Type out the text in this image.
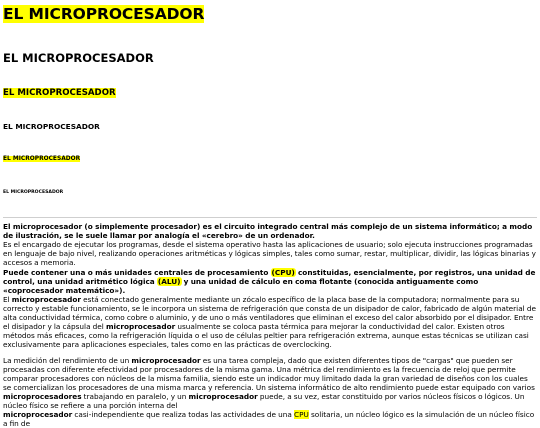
EL MICROPROCESADOR
EL MICROPROCESADOR
EL MICROPROCESADOR
EL MICROPROCESADOR
EL MICROPROCESADOR
EL MICROPROCESADOR

El microprocesador (o simplemente procesador) es el circuito integrado central más complejo de un sistema informático; a modo de ilustración, se le suele llamar por analogía el «cerebro» de un ordenador.
Es el encargado de ejecutar los programas, desde el sistema operativo hasta las aplicaciones de usuario; solo ejecuta instrucciones programadas en lenguaje de bajo nivel, realizando operaciones aritméticas y lógicas simples, tales como sumar, restar, multiplicar, dividir, las lógicas binarias y accesos a memoria.

Puede contener una o más unidades centrales de procesamiento (CPU) constituidas, esencialmente, por registros, una unidad de control, una unidad aritmético lógica (ALU) y una unidad de cálculo en coma flotante (conocida antiguamente como «coprocesador matemático»).
El microprocesador está conectado generalmente mediante un zócalo específico de la placa base de la computadora; normalmente para su correcto y estable funcionamiento, se le incorpora un sistema de refrigeración que consta de un disipador de calor, fabricado de algún material de alta conductividad térmica, como cobre o aluminio, y de uno o más ventiladores que eliminan el exceso del calor absorbido por el disipador. Entre el disipador y la cápsula del microprocesador usualmente se coloca pasta térmica para mejorar la conductividad del calor. Existen otros métodos más eficaces, como la refrigeración líquida o el uso de células peltier para refrigeración extrema, aunque estas técnicas se utilizan casi exclusivamente para aplicaciones especiales, tales como en las prácticas de overclocking.

La medición del rendimiento de un microprocesador es una tarea compleja, dado que existen diferentes tipos de "cargas" que pueden ser procesadas con diferente efectividad por procesadores de la misma gama. Una métrica del rendimiento es la frecuencia de reloj que permite comparar procesadores con núcleos de la misma familia, siendo este un indicador muy limitado dada la gran variedad de diseños con los cuales se comercializan los procesadores de una misma marca y referencia. Un sistema informático de alto rendimiento puede estar equipado con varios microprocesadores trabajando en paralelo, y un microprocesador puede, a su vez, estar constituido por varios núcleos físicos o lógicos. Un núcleo físico se refiere a una porción interna del
microprocesador casi-independiente que realiza todas las actividades de una CPU solitaria, un núcleo lógico es la simulación de un núcleo físico a fin de
